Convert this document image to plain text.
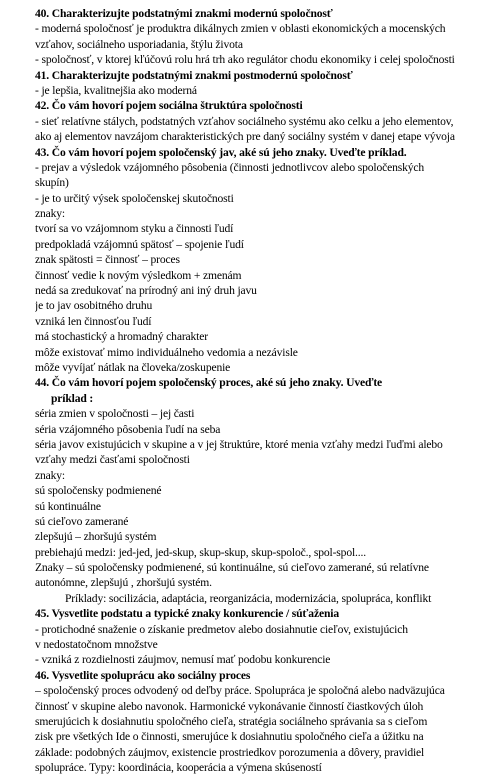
40. Charakterizujte podstatnými znakmi modernú spoločnosť
- moderná spoločnosť je produktra dikálnych zmien v oblasti ekonomických a mocenských
vzťahov, sociálneho usporiadania, štýlu života
- spoločnosť, v ktorej kľúčovú rolu hrá trh ako regulátor chodu ekonomiky i celej spoločnosti
41. Charakterizujte podstatnými znakmi postmodernú spoločnosť
- je lepšia, kvalitnejšia ako moderná
42. Čo vám hovorí pojem sociálna štruktúra spoločnosti
- sieť relatívne stálych, podstatných vzťahov sociálneho systému ako celku a jeho elementov,
ako aj elementov navzájom charakteristických pre daný sociálny systém v danej etape vývoja
43. Čo vám hovorí pojem spoločenský jav, aké sú jeho znaky. Uveďte príklad.
- prejav a výsledok vzájomného pôsobenia (činnosti jednotlivcov alebo spoločenských
skupín)
- je to určitý výsek spoločenskej skutočnosti
znaky:
tvorí sa vo vzájomnom styku a činnosti ľudí
predpokladá vzájomnú spätosť – spojenie ľudí
znak spätosti = činnosť – proces
činnosť vedie k novým výsledkom + zmenám
nedá sa zredukovať na prírodný ani iný druh javu
je to jav osobitného druhu
vzniká len činnosťou ľudí
má stochastický a hromadný charakter
môže existovať mimo individuálneho vedomia a nezávisle
môže vyvíjať nátlak na človeka/zoskupenie
44. Čo vám hovorí pojem spoločenský proces, aké sú jeho znaky. Uveďte
príklad :
séria zmien v spoločnosti – jej časti
séria vzájomného pôsobenia ľudí na seba
séria javov existujúcich v skupine a v jej štruktúre, ktoré menia vzťahy medzi ľuďmi alebo
vzťahy medzi časťami spoločnosti
znaky:
sú spoločensky podmienené
sú kontinuálne
sú cieľovo zamerané
zlepšujú – zhoršujú systém
prebiehajú medzi: jed-jed, jed-skup, skup-skup, skup-spoloč., spol-spol....
Znaky – sú spoločensky podmienené, sú kontinuálne, sú cieľovo zamerané, sú relatívne
autonómne, zlepšujú , zhoršujú systém.
Príklady: socilizácia, adaptácia, reorganizácia, modernizácia, spolupráca, konflikt
45. Vysvetlite podstatu a typické znaky konkurencie / súťaženia
- protichodné snaženie o získanie predmetov alebo dosiahnutie cieľov, existujúcich
v nedostatočnom množstve
- vzniká z rozdielnosti záujmov, nemusí mať podobu konkurencie
46. Vysvetlite spoluprácu ako sociálny proces
– spoločenský proces odvodený od deľby práce. Spolupráca je spoločná alebo nadväzujúca
činnosť v skupine alebo navonok. Harmonické vykonávanie činností čiastkových úloh
smerujúcich k dosiahnutiu spoločného cieľa, stratégia sociálneho správania sa s cieľom
zisk pre všetkých Ide o činnosti, smerujúce k dosiahnutiu spoločného cieľa a úžitku na
základe: podobných záujmov, existencie prostriedkov porozumenia a dôvery, pravidiel
spolupráce. Typy: koordinácia, kooperácia a výmena skúseností
